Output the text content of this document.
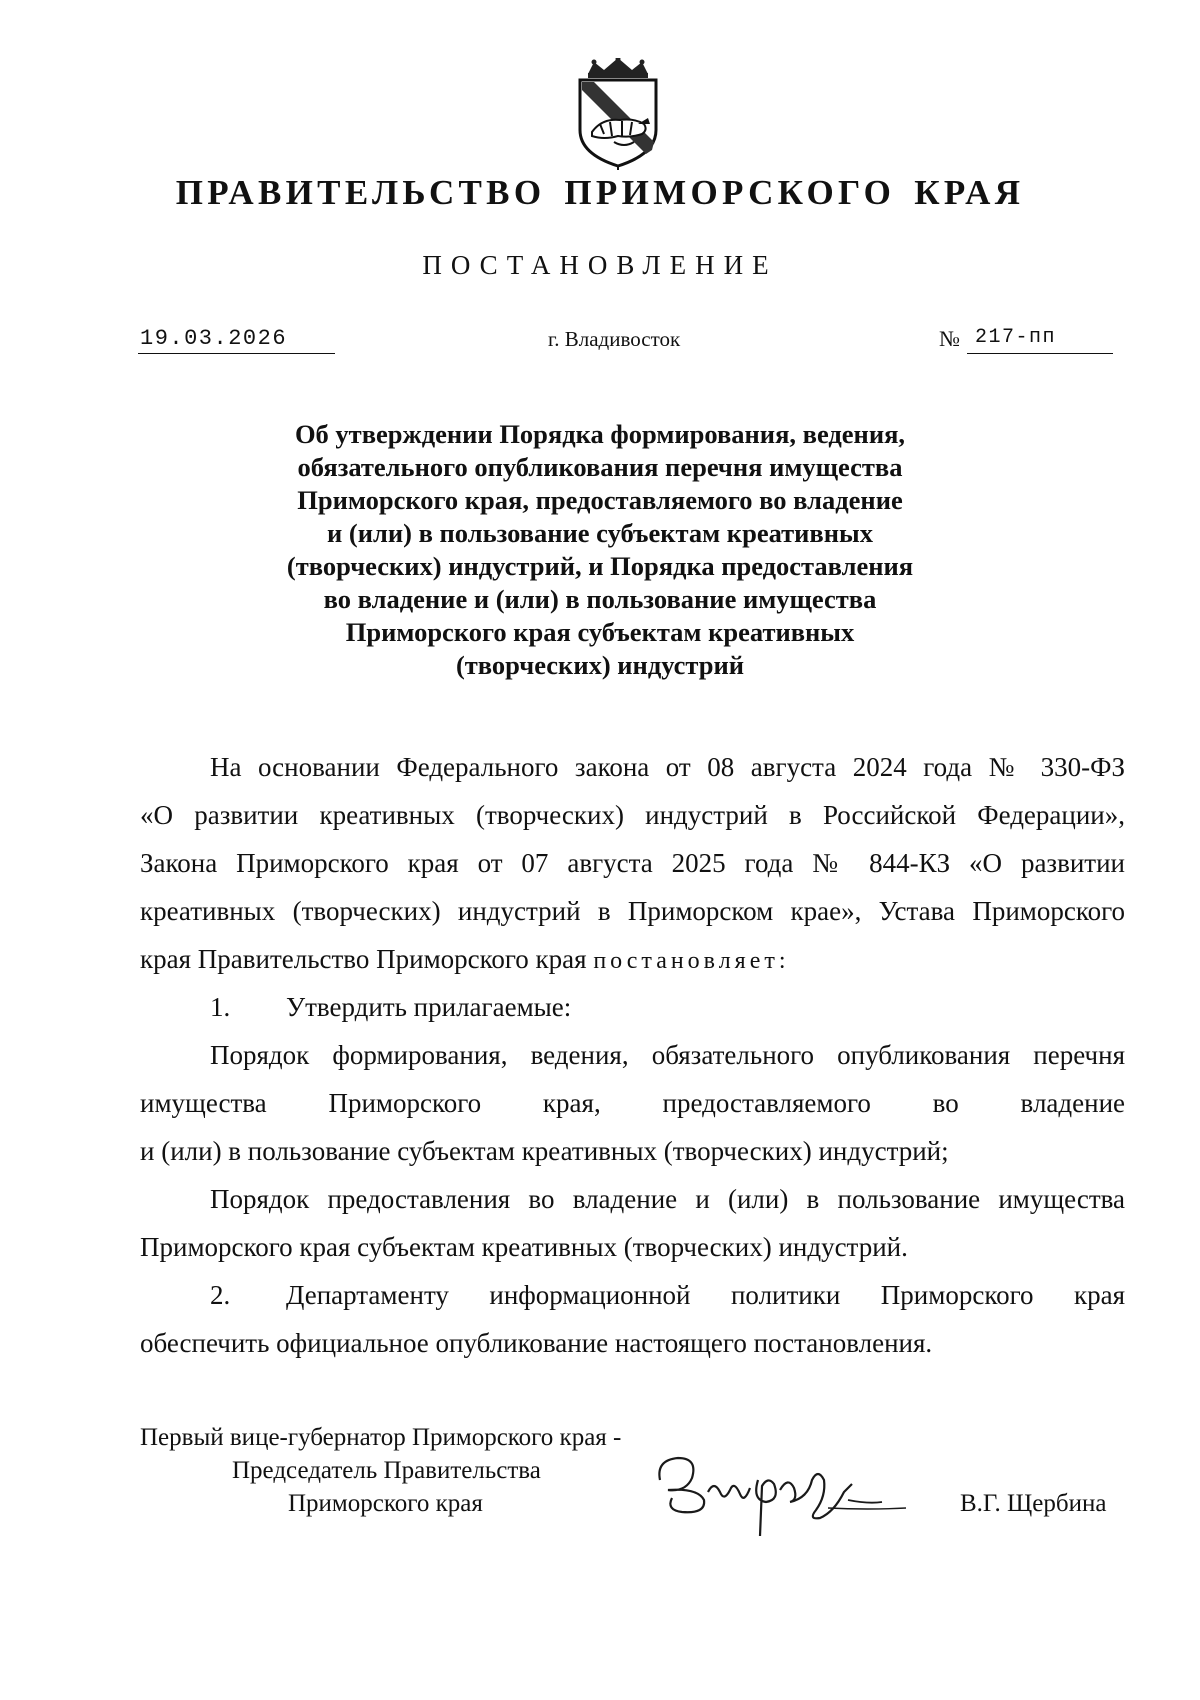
ПРАВИТЕЛЬСТВО ПРИМОРСКОГО КРАЯ
ПОСТАНОВЛЕНИЕ
19.03.2026	г. Владивосток	№ 217-пп
Об утверждении Порядка формирования, ведения,
обязательного опубликования перечня имущества
Приморского края, предоставляемого во владение
и (или) в пользование субъектам креативных
(творческих) индустрий, и Порядка предоставления
во владение и (или) в пользование имущества
Приморского края субъектам креативных
(творческих) индустрий
На основании Федерального закона от 08 августа 2024 года № 330-ФЗ
«О развитии креативных (творческих) индустрий в Российской Федерации»,
Закона Приморского края от 07 августа 2025 года № 844-КЗ «О развитии
креативных (творческих) индустрий в Приморском крае», Устава Приморского
края Правительство Приморского края постановляет:
1. Утвердить прилагаемые:
Порядок формирования, ведения, обязательного опубликования перечня
имущества Приморского края, предоставляемого во владение
и (или) в пользование субъектам креативных (творческих) индустрий;
Порядок предоставления во владение и (или) в пользование имущества
Приморского края субъектам креативных (творческих) индустрий.
2. Департаменту информационной политики Приморского края
обеспечить официальное опубликование настоящего постановления.
Первый вице-губернатор Приморского края -
Председатель Правительства
Приморского края	В.Г. Щербина
